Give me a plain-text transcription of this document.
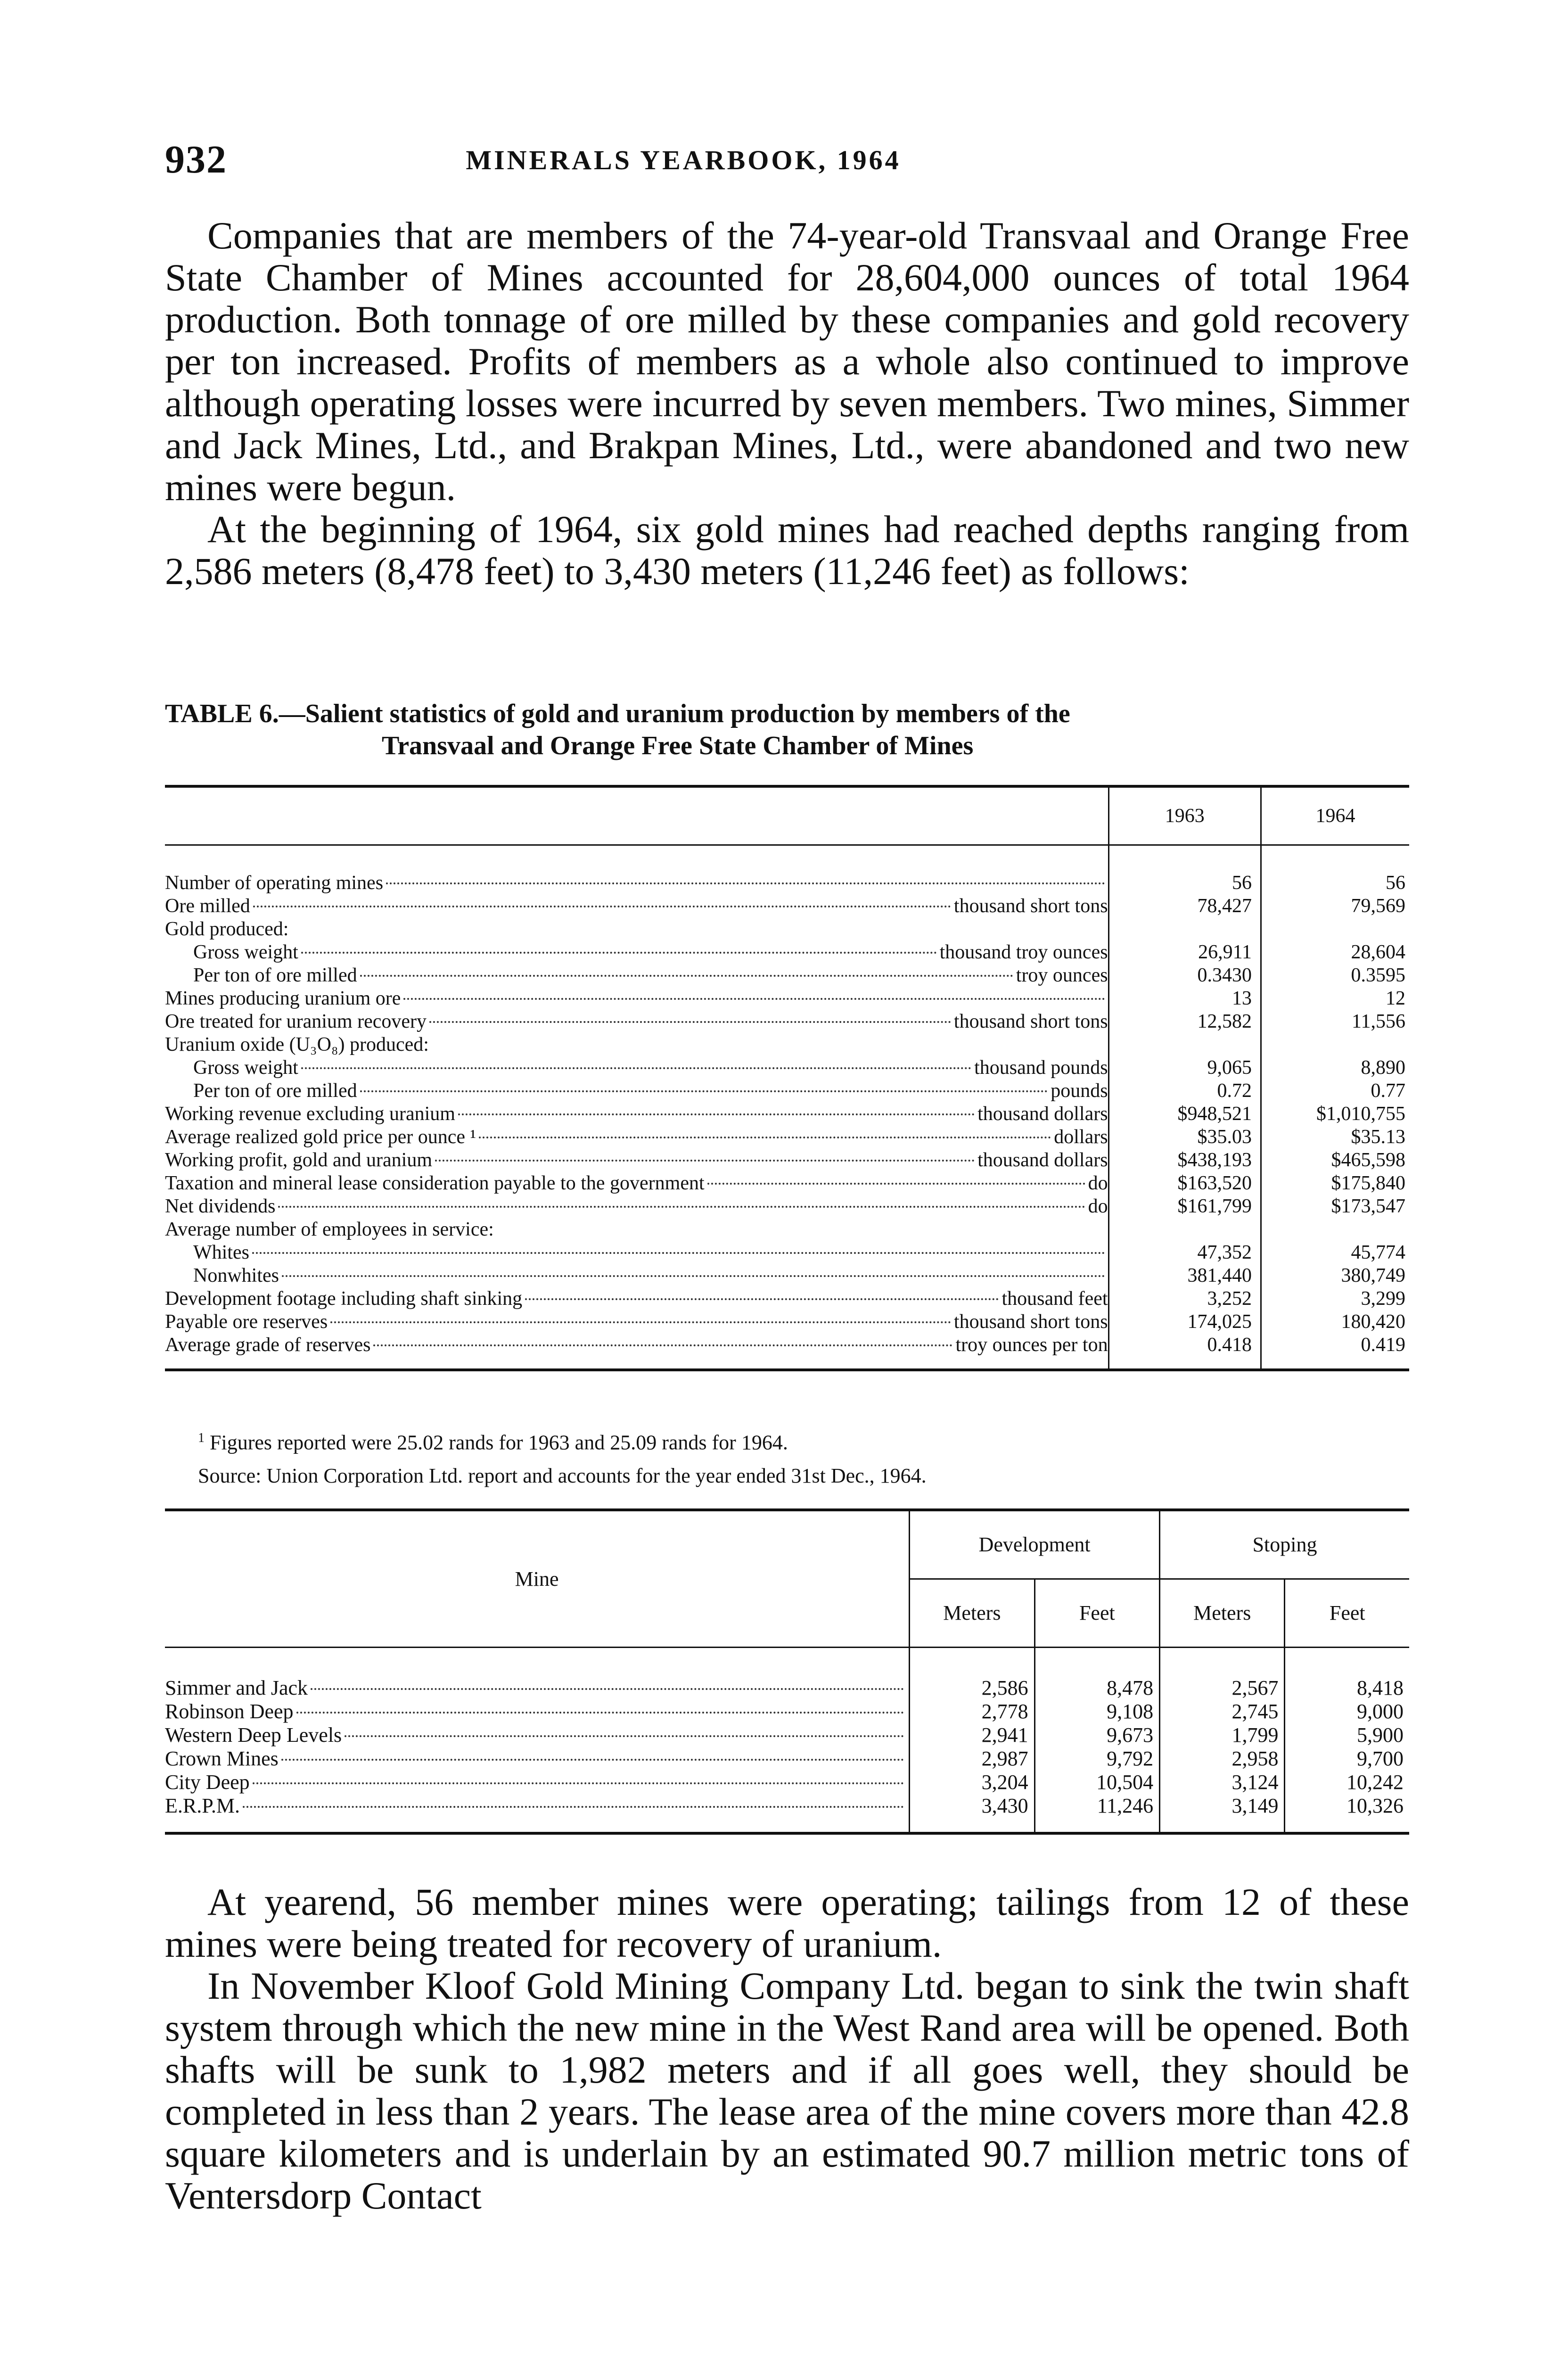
932	MINERALS YEARBOOK, 1964

Companies that are members of the 74-year-old Transvaal and Orange Free State Chamber of Mines accounted for 28,604,000 ounces of total 1964 production. Both tonnage of ore milled by these companies and gold recovery per ton increased. Profits of members as a whole also continued to improve although operating losses were incurred by seven members. Two mines, Simmer and Jack Mines, Ltd., and Brakpan Mines, Ltd., were abandoned and two new mines were begun.

At the beginning of 1964, six gold mines had reached depths ranging from 2,586 meters (8,478 feet) to 3,430 meters (11,246 feet) as follows:

TABLE 6.—Salient statistics of gold and uranium production by members of the
Transvaal and Orange Free State Chamber of Mines
	1963	1964

Number of operating mines	56	56

Ore milled thousand short tons	78,427	79,569

Gold produced:		

Gross weight thousand troy ounces	26,911	28,604

Per ton of ore milled troy ounces	0.3430	0.3595

Mines producing uranium ore	13	12

Ore treated for uranium recovery thousand short tons	12,582	11,556

Uranium oxide (U₃O₈) produced:		

Gross weight thousand pounds	9,065	8,890

Per ton of ore milled pounds	0.72	0.77

Working revenue excluding uranium thousand dollars	$948,521	$1,010,755

Average realized gold price per ounce ¹ dollars	$35.03	$35.13

Working profit, gold and uranium thousand dollars	$438,193	$465,598

Taxation and mineral lease consideration payable to the government do	$163,520	$175,840

Net dividends do	$161,799	$173,547

Average number of employees in service:		

Whites	47,352	45,774

Nonwhites	381,440	380,749

Development footage including shaft sinking thousand feet	3,252	3,299

Payable ore reserves thousand short tons	174,025	180,420

Average grade of reserves troy ounces per ton	0.418	0.419
$^1$ Figures reported were 25.02 rands for 1963 and 25.09 rands for 1964.
Source: Union Corporation Ltd. report and accounts for the year ended 31st Dec., 1964.
Mine	Development		Stoping	
	Meters	Feet	Meters	Feet

Simmer and Jack	2,586	8,478	2,567	8,418

Robinson Deep	2,778	9,108	2,745	9,000

Western Deep Levels	2,941	9,673	1,799	5,900

Crown Mines	2,987	9,792	2,958	9,700

City Deep	3,204	10,504	3,124	10,242

E.R.P.M.	3,430	11,246	3,149	10,326

At yearend, 56 member mines were operating; tailings from 12 of these mines were being treated for recovery of uranium.

In November Kloof Gold Mining Company Ltd. began to sink the twin shaft system through which the new mine in the West Rand area will be opened. Both shafts will be sunk to 1,982 meters and if all goes well, they should be completed in less than 2 years. The lease area of the mine covers more than 42.8 square kilometers and is underlain by an estimated 90.7 million metric tons of Ventersdorp Contact
